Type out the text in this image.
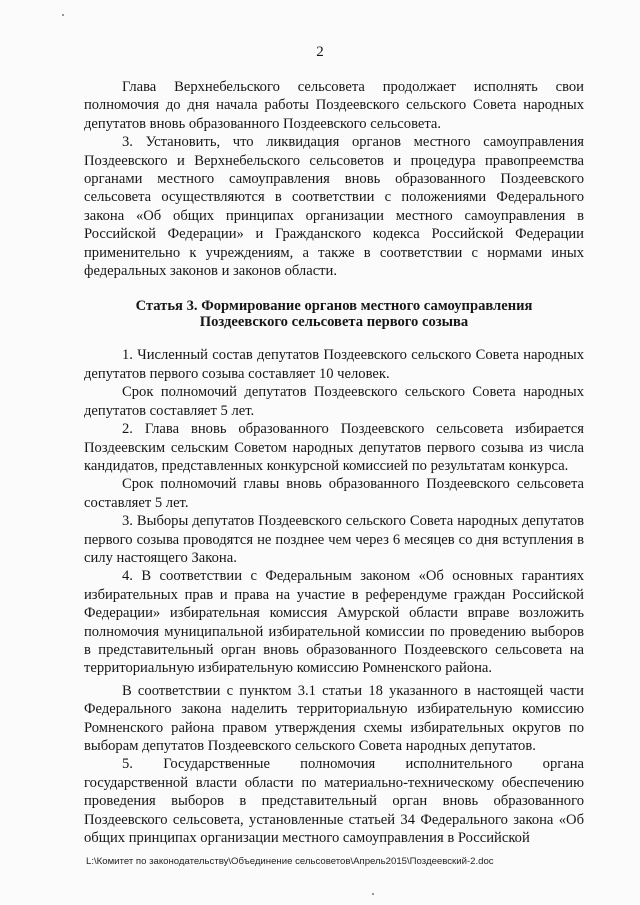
2

Глава Верхнебельского сельсовета продолжает исполнять свои полномочия до дня начала работы Поздеевского сельского Совета народных депутатов вновь образованного Поздеевского сельсовета.

3. Установить, что ликвидация органов местного самоуправления Поздеевского и Верхнебельского сельсоветов и процедура правопреемства органами местного самоуправления вновь образованного Поздеевского сельсовета осуществляются в соответствии с положениями Федерального закона «Об общих принципах организации местного самоуправления в Российской Федерации» и Гражданского кодекса Российской Федерации применительно к учреждениям, а также в соответствии с нормами иных федеральных законов и законов области.

Статья 3. Формирование органов местного самоуправления
Поздеевского сельсовета первого созыва

1. Численный состав депутатов Поздеевского сельского Совета народных депутатов первого созыва составляет 10 человек.

Срок полномочий депутатов Поздеевского сельского Совета народных депутатов составляет 5 лет.

2. Глава вновь образованного Поздеевского сельсовета избирается Поздеевским сельским Советом народных депутатов первого созыва из числа кандидатов, представленных конкурсной комиссией по результатам конкурса.

Срок полномочий главы вновь образованного Поздеевского сельсовета составляет 5 лет.

3. Выборы депутатов Поздеевского сельского Совета народных депутатов первого созыва проводятся не позднее чем через 6 месяцев со дня вступления в силу настоящего Закона.

4. В соответствии с Федеральным законом «Об основных гарантиях избирательных прав и права на участие в референдуме граждан Российской Федерации» избирательная комиссия Амурской области вправе возложить полномочия муниципальной избирательной комиссии по проведению выборов в представительный орган вновь образованного Поздеевского сельсовета на территориальную избирательную комиссию Ромненского района.

В соответствии с пунктом 3.1 статьи 18 указанного в настоящей части Федерального закона наделить территориальную избирательную комиссию Ромненского района правом утверждения схемы избирательных округов по выборам депутатов Поздеевского сельского Совета народных депутатов.

5. Государственные полномочия исполнительного органа государственной власти области по материально-техническому обеспечению проведения выборов в представительный орган вновь образованного Поздеевского сельсовета, установленные статьей 34 Федерального закона «Об общих принципах организации местного самоуправления в Российской

L:\Комитет по законодательству\Объединение сельсоветов\Апрель2015\Поздеевский-2.doc
